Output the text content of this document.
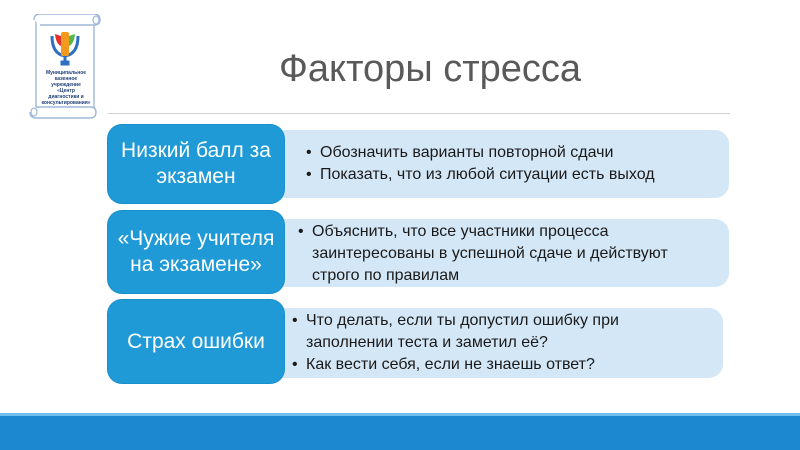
Муниципальное
казенное
учреждение
«Центр
диагностики и
консультирования»
Факторы стресса
• Обозначить варианты повторной сдачи
• Показать, что из любой ситуации есть выход
Низкий балл за
экзамен
• Объяснить, что все участники процесса заинтересованы в успешной сдаче и действуют строго по правилам
«Чужие учителя
на экзамене»
• Что делать, если ты допустил ошибку при заполнении теста и заметил её?
• Как вести себя, если не знаешь ответ?
Страх ошибки
